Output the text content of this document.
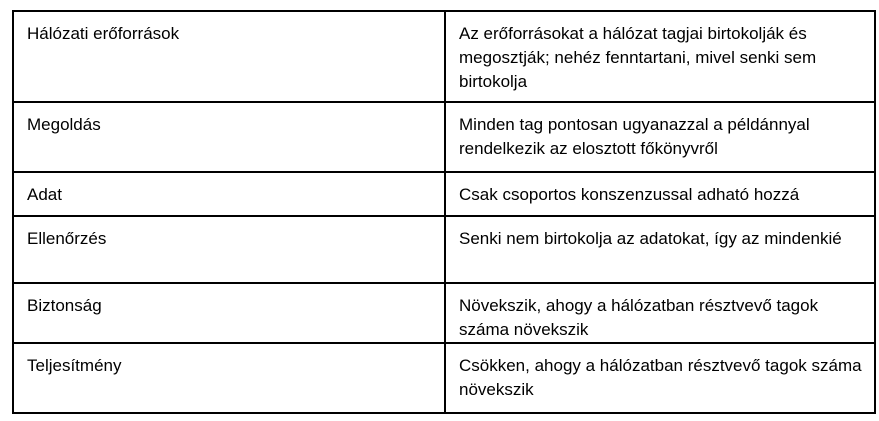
Hálózati erőforrások	Az erőforrásokat a hálózat tagjai birtokolják és megosztják; nehéz fenntartani, mivel senki sem birtokolja
Megoldás	Minden tag pontosan ugyanazzal a példánnyal rendelkezik az elosztott főkönyvről
Adat	Csak csoportos konszenzussal adható hozzá
Ellenőrzés	Senki nem birtokolja az adatokat, így az mindenkié
Biztonság	Növekszik, ahogy a hálózatban résztvevő tagok száma növekszik
Teljesítmény	Csökken, ahogy a hálózatban résztvevő tagok száma növekszik
